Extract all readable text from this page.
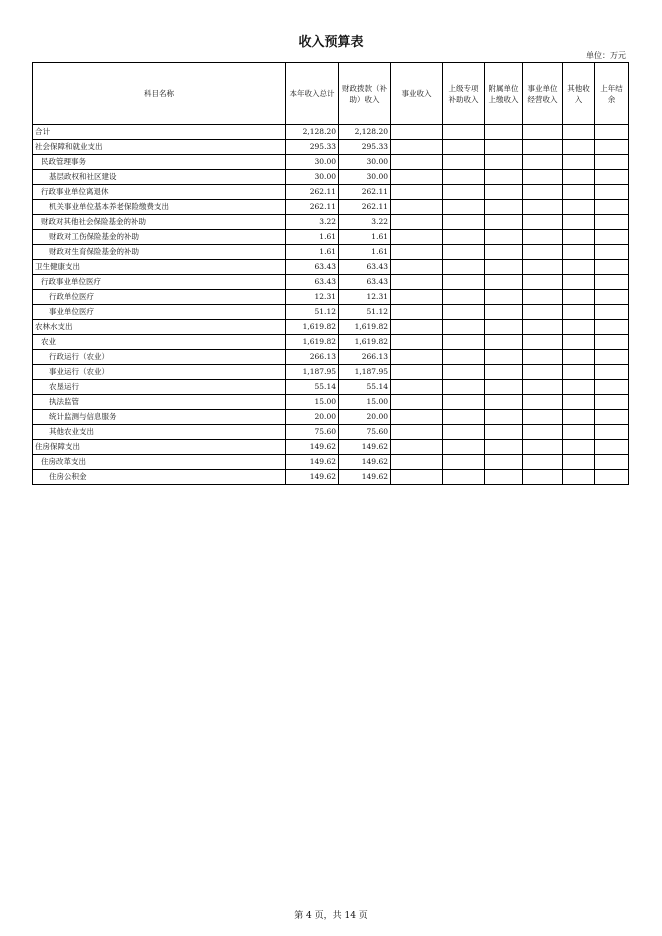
收入预算表
单位：万元
科目名称	本年收入总计	财政拨款（补助）收入	事业收入	上级专项补助收入	附属单位上缴收入	事业单位经营收入	其他收入	上年结余
合计	2,128.20	2,128.20						
社会保障和就业支出	295.33	295.33						
民政管理事务	30.00	30.00						
基层政权和社区建设	30.00	30.00						
行政事业单位离退休	262.11	262.11						
机关事业单位基本养老保险缴费支出	262.11	262.11						
财政对其他社会保险基金的补助	3.22	3.22						
财政对工伤保险基金的补助	1.61	1.61						
财政对生育保险基金的补助	1.61	1.61						
卫生健康支出	63.43	63.43						
行政事业单位医疗	63.43	63.43						
行政单位医疗	12.31	12.31						
事业单位医疗	51.12	51.12						
农林水支出	1,619.82	1,619.82						
农业	1,619.82	1,619.82						
行政运行（农业）	266.13	266.13						
事业运行（农业）	1,187.95	1,187.95						
农垦运行	55.14	55.14						
执法监管	15.00	15.00						
统计监测与信息服务	20.00	20.00						
其他农业支出	75.60	75.60						
住房保障支出	149.62	149.62						
住房改革支出	149.62	149.62						
住房公积金	149.62	149.62						
第 4 页，共 14 页
